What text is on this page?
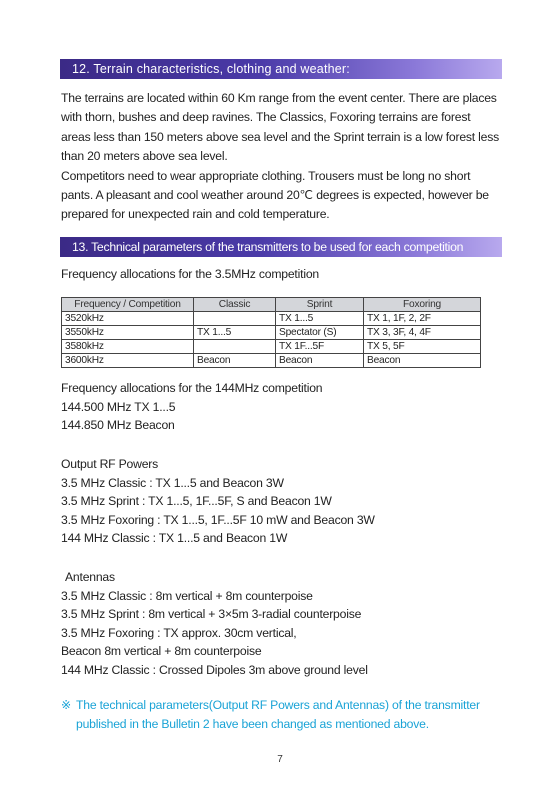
12. Terrain characteristics, clothing and weather:

The terrains are located within 60 Km range from the event center. There are places with thorn, bushes and deep ravines. The Classics, Foxoring terrains are forest areas less than 150 meters above sea level and the Sprint terrain is a low forest less than 20 meters above sea level.

Competitors need to wear appropriate clothing. Trousers must be long no short pants. A pleasant and cool weather around 20℃ degrees is expected, however be prepared for unexpected rain and cold temperature.

13. Technical parameters of the transmitters to be used for each competition
Frequency allocations for the 3.5MHz competition
Frequency / Competition	Classic	Sprint	Foxoring
3520kHz		TX 1...5	TX 1, 1F, 2, 2F
3550kHz	TX 1...5	Spectator (S)	TX 3, 3F, 4, 4F
3580kHz		TX 1F...5F	TX 5, 5F
3600kHz	Beacon	Beacon	Beacon
Frequency allocations for the 144MHz competition
144.500 MHz TX 1...5
144.850 MHz Beacon
Output RF Powers
3.5 MHz Classic : TX 1...5 and Beacon 3W
3.5 MHz Sprint : TX 1...5, 1F...5F, S and Beacon 1W
3.5 MHz Foxoring : TX 1...5, 1F...5F 10 mW and Beacon 3W
144 MHz Classic : TX 1...5 and Beacon 1W
Antennas
3.5 MHz Classic : 8m vertical + 8m counterpoise
3.5 MHz Sprint : 8m vertical + 3×5m 3-radial counterpoise
3.5 MHz Foxoring : TX approx. 30cm vertical,
Beacon 8m vertical + 8m counterpoise
144 MHz Classic : Crossed Dipoles 3m above ground level
※ The technical parameters(Output RF Powers and Antennas) of the transmitter
published in the Bulletin 2 have been changed as mentioned above.
7
